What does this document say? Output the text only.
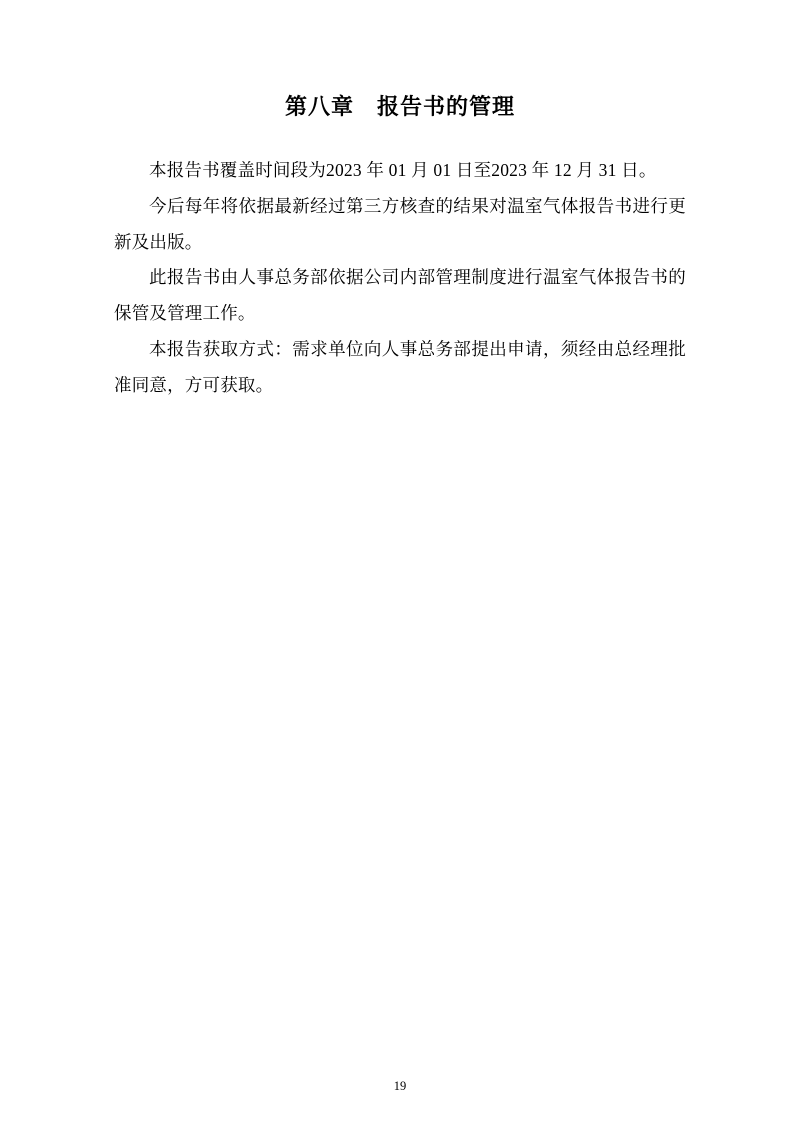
第八章　报告书的管理

本报告书覆盖时间段为2023 年 01 月 01 日至2023 年 12 月 31 日。

今后每年将依据最新经过第三方核查的结果对温室气体报告书进行更新及出版。

此报告书由人事总务部依据公司内部管理制度进行温室气体报告书的保管及管理工作。

本报告获取方式：需求单位向人事总务部提出申请，须经由总经理批准同意，方可获取。

19
